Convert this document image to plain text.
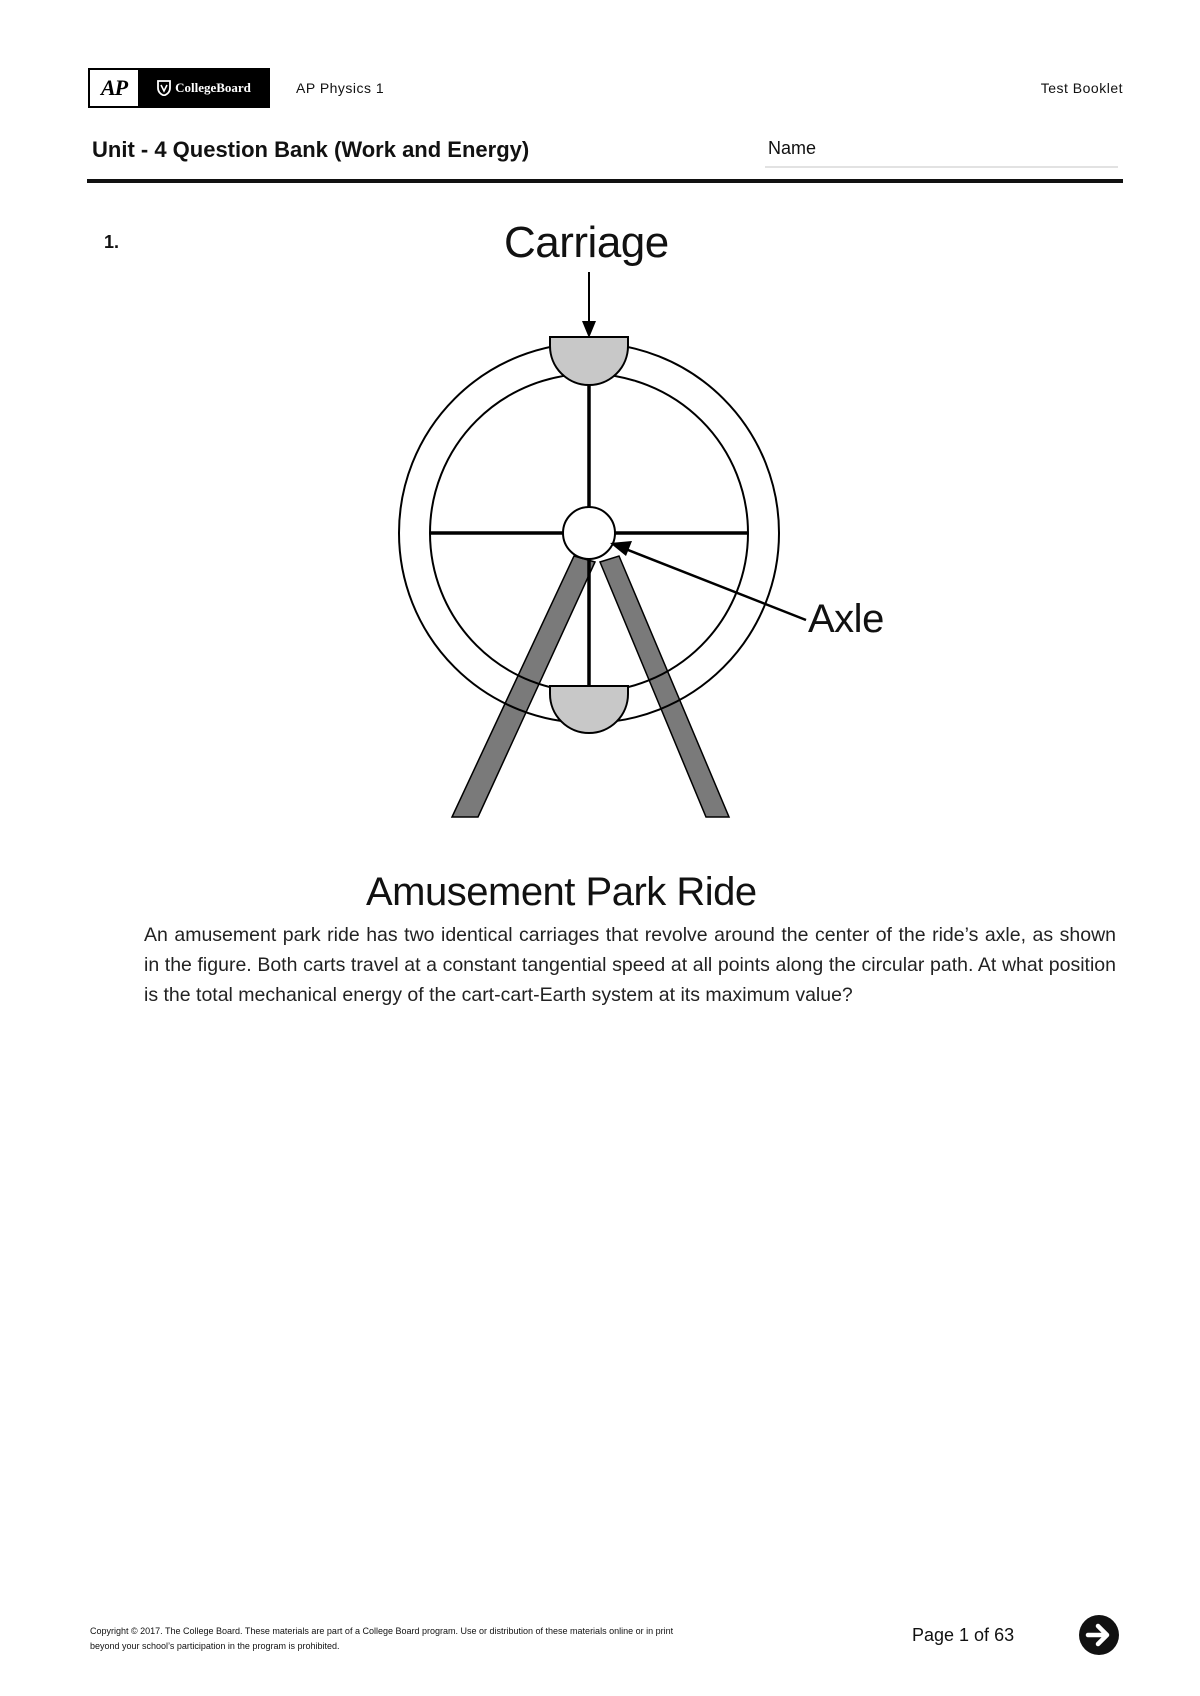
AP	CollegeBoard	AP Physics 1	Test Booklet
Unit - 4 Question Bank (Work and Energy)	Name
1.	Carriage
Axle
Amusement Park Ride
An amusement park ride has two identical carriages that revolve around the center of the ride’s axle, as shown in the figure. Both carts travel at a constant tangential speed at all points along the circular path. At what position is the total mechanical energy of the cart-cart-Earth system at its maximum value?
Copyright © 2017. The College Board. These materials are part of a College Board program. Use or distribution of these materials online or in print
beyond your school’s participation in the program is prohibited.
Page 1 of 63
